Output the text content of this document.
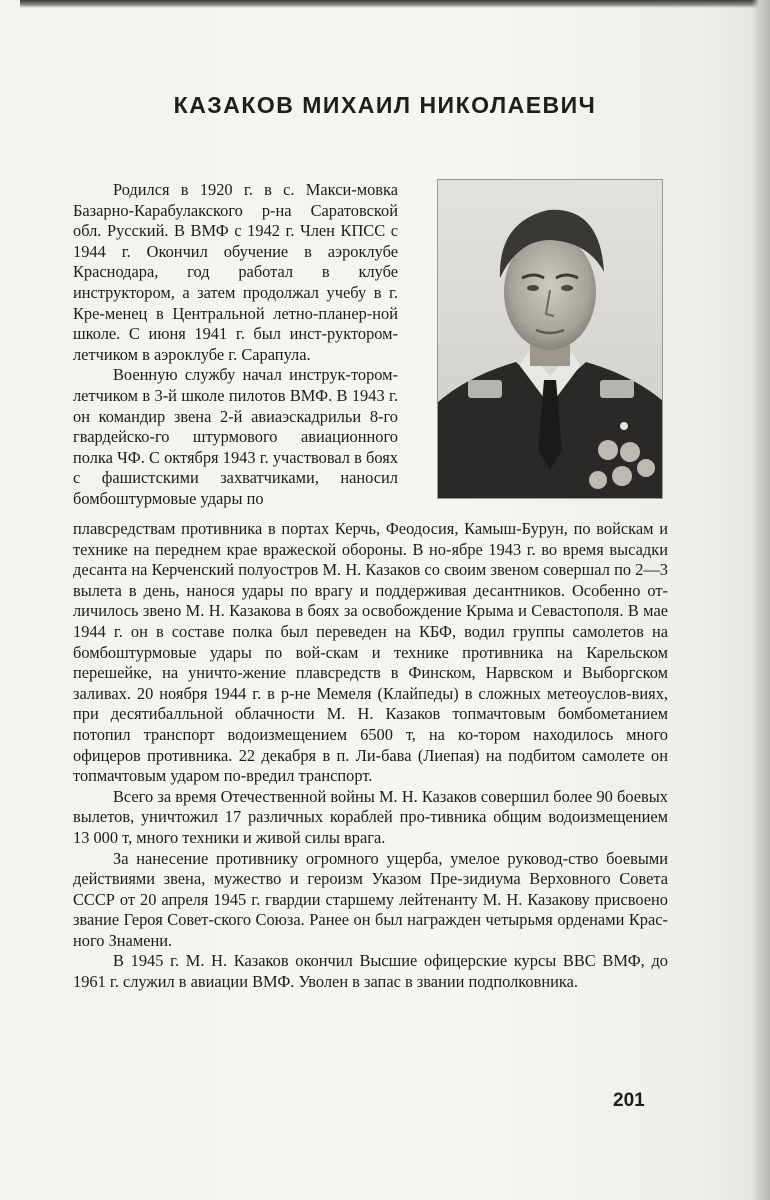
КАЗАКОВ МИХАИЛ НИКОЛАЕВИЧ

Родился в 1920 г. в с. Макси-мовка Базарно-Карабулакского р-на Саратовской обл. Русский. В ВМФ с 1942 г. Член КПСС с 1944 г. Окончил обучение в аэроклубе Краснодара, год работал в клубе инструктором, а затем продолжал учебу в г. Кре-менец в Центральной летно-планер-ной школе. С июня 1941 г. был инст-руктором-летчиком в аэроклубе г. Сарапула.

Военную службу начал инструк-тором-летчиком в 3-й школе пилотов ВМФ. В 1943 г. он командир звена 2-й авиаэскадрильи 8-го гвардейско-го штурмового авиационного полка ЧФ. С октября 1943 г. участвовал в боях с фашистскими захватчиками, наносил бомбоштурмовые удары по

плавсредствам противника в портах Керчь, Феодосия, Камыш-Бурун, по войскам и технике на переднем крае вражеской обороны. В но-ябре 1943 г. во время высадки десанта на Керченский полуостров М. Н. Казаков со своим звеном совершал по 2—3 вылета в день, нанося удары по врагу и поддерживая десантников. Особенно от-личилось звено М. Н. Казакова в боях за освобождение Крыма и Севастополя. В мае 1944 г. он в составе полка был переведен на КБФ, водил группы самолетов на бомбоштурмовые удары по вой-скам и технике противника на Карельском перешейке, на уничто-жение плавсредств в Финском, Нарвском и Выборгском заливах. 20 ноября 1944 г. в р-не Мемеля (Клайпеды) в сложных метеоуслов-виях, при десятибалльной облачности М. Н. Казаков топмачтовым бомбометанием потопил транспорт водоизмещением 6500 т, на ко-тором находилось много офицеров противника. 22 декабря в п. Ли-бава (Лиепая) на подбитом самолете он топмачтовым ударом по-вредил транспорт.

Всего за время Отечественной войны М. Н. Казаков совершил более 90 боевых вылетов, уничтожил 17 различных кораблей про-тивника общим водоизмещением 13 000 т, много техники и живой силы врага.

За нанесение противнику огромного ущерба, умелое руковод-ство боевыми действиями звена, мужество и героизм Указом Пре-зидиума Верховного Совета СССР от 20 апреля 1945 г. гвардии старшему лейтенанту М. Н. Казакову присвоено звание Героя Совет-ского Союза. Ранее он был награжден четырьмя орденами Крас-ного Знамени.

В 1945 г. М. Н. Казаков окончил Высшие офицерские курсы ВВС ВМФ, до 1961 г. служил в авиации ВМФ. Уволен в запас в звании подполковника.

201
